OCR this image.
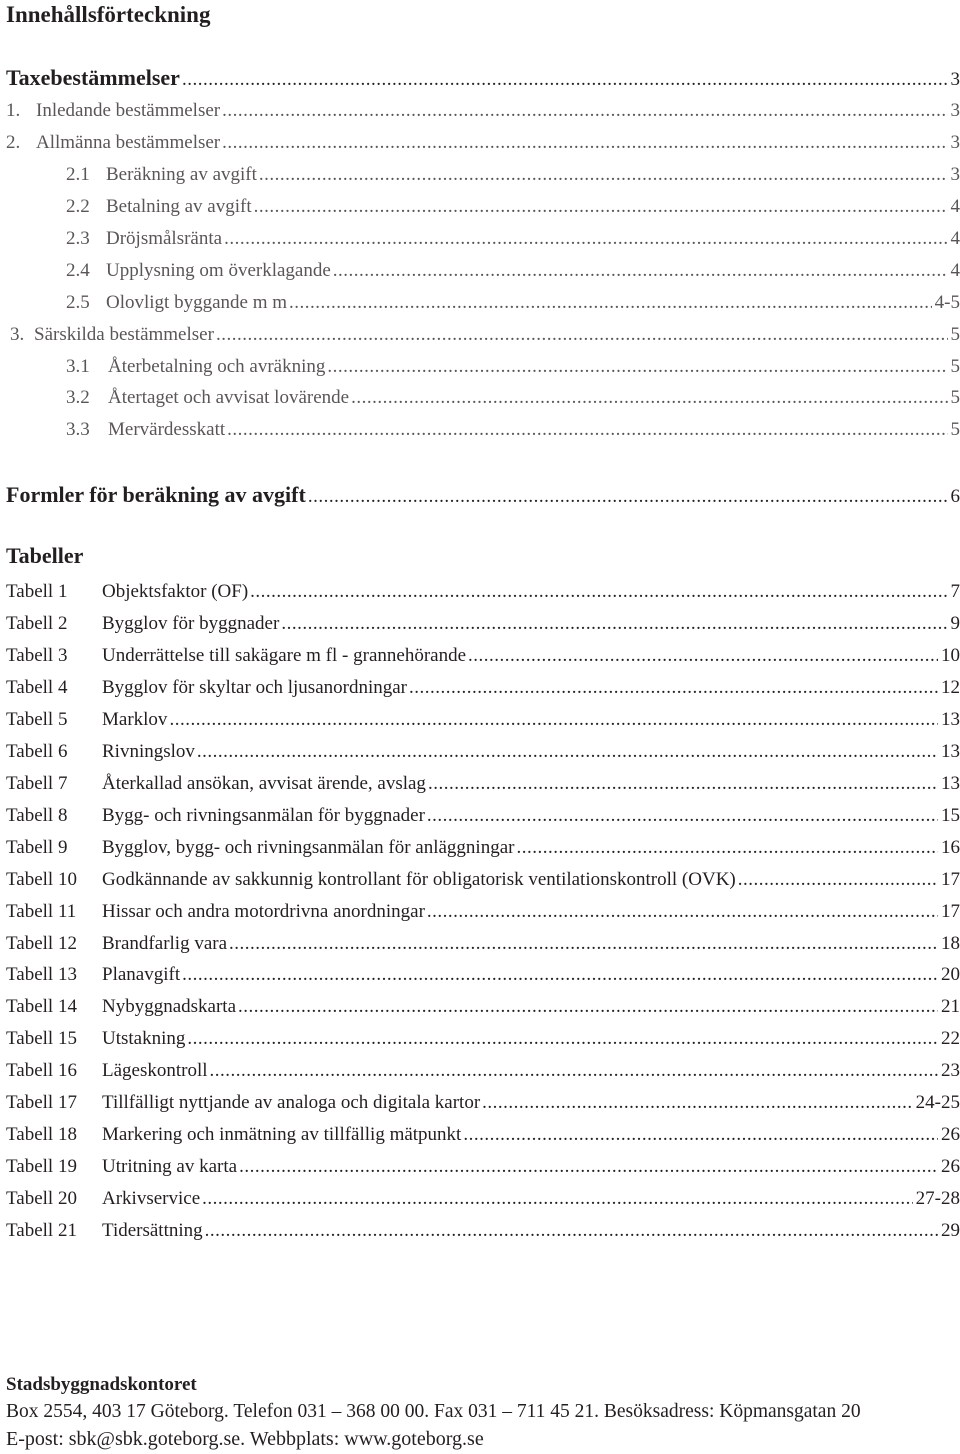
Innehållsförteckning
Taxebestämmelser .....	3
1. Inledande bestämmelser .....	3
2. Allmänna bestämmelser .....	3
2.1 Beräkning av avgift .....	3
2.2 Betalning av avgift .....	4
2.3 Dröjsmålsränta .....	4
2.4 Upplysning om överklagande .....	4
2.5 Olovligt byggande m m .....	4-5
3. Särskilda bestämmelser .....	5
3.1 Återbetalning och avräkning .....	5
3.2 Återtaget och avvisat lovärende .....	5
3.3 Mervärdesskatt .....	5
Formler för beräkning av avgift .....	6
Tabeller
Tabell 1 Objektsfaktor (OF) .....	7
Tabell 2 Bygglov för byggnader .....	9
Tabell 3 Underrättelse till sakägare m fl - grannehörande .....	10
Tabell 4 Bygglov för skyltar och ljusanordningar .....	12
Tabell 5 Marklov .....	13
Tabell 6 Rivningslov .....	13
Tabell 7 Återkallad ansökan, avvisat ärende, avslag .....	13
Tabell 8 Bygg- och rivningsanmälan för byggnader .....	15
Tabell 9 Bygglov, bygg- och rivningsanmälan för anläggningar .....	16
Tabell 10 Godkännande av sakkunnig kontrollant för obligatorisk ventilationskontroll (OVK) .....	17
Tabell 11 Hissar och andra motordrivna anordningar .....	17
Tabell 12 Brandfarlig vara .....	18
Tabell 13 Planavgift .....	20
Tabell 14 Nybyggnadskarta .....	21
Tabell 15 Utstakning .....	22
Tabell 16 Lägeskontroll .....	23
Tabell 17 Tillfälligt nyttjande av analoga och digitala kartor .....	24-25
Tabell 18 Markering och inmätning av tillfällig mätpunkt .....	26
Tabell 19 Utritning av karta .....	26
Tabell 20 Arkivservice .....	27-28
Tabell 21 Tidersättning .....	29
Stadsbyggnadskontoret
Box 2554, 403 17 Göteborg. Telefon 031 – 368 00 00. Fax 031 – 711 45 21. Besöksadress: Köpmansgatan 20
E-post: sbk@sbk.goteborg.se. Webbplats: www.goteborg.se
